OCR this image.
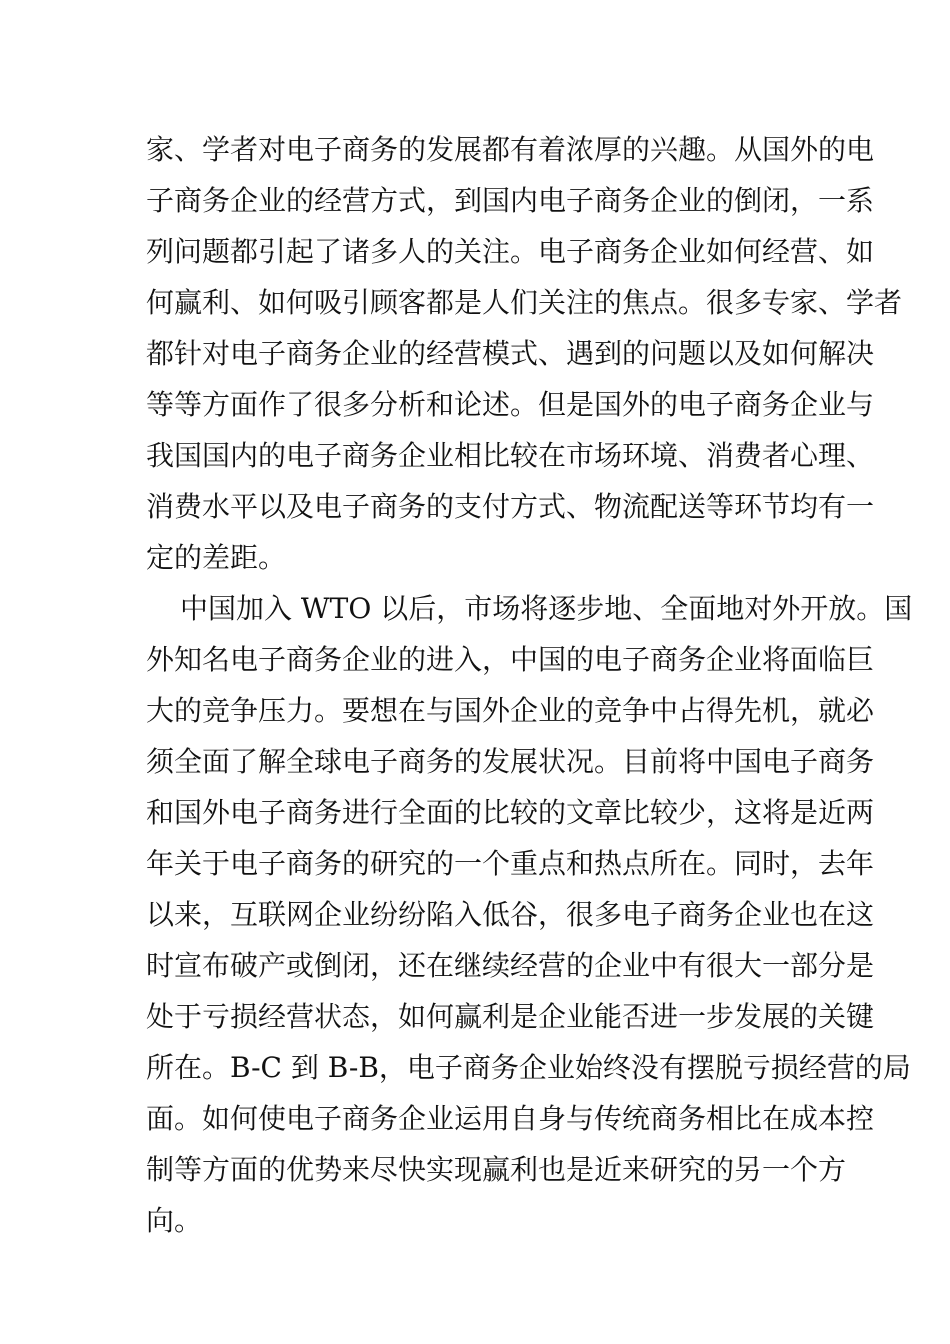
家、学者对电子商务的发展都有着浓厚的兴趣。从国外的电
子商务企业的经营方式，到国内电子商务企业的倒闭，一系
列问题都引起了诸多人的关注。电子商务企业如何经营、如
何赢利、如何吸引顾客都是人们关注的焦点。很多专家、学者
都针对电子商务企业的经营模式、遇到的问题以及如何解决
等等方面作了很多分析和论述。但是国外的电子商务企业与
我国国内的电子商务企业相比较在市场环境、消费者心理、
消费水平以及电子商务的支付方式、物流配送等环节均有一
定的差距。
中国加入 WTO 以后，市场将逐步地、全面地对外开放。国
外知名电子商务企业的进入，中国的电子商务企业将面临巨
大的竞争压力。要想在与国外企业的竞争中占得先机，就必
须全面了解全球电子商务的发展状况。目前将中国电子商务
和国外电子商务进行全面的比较的文章比较少，这将是近两
年关于电子商务的研究的一个重点和热点所在。同时，去年
以来，互联网企业纷纷陷入低谷，很多电子商务企业也在这
时宣布破产或倒闭，还在继续经营的企业中有很大一部分是
处于亏损经营状态，如何赢利是企业能否进一步发展的关键
所在。B-C 到 B-B，电子商务企业始终没有摆脱亏损经营的局
面。如何使电子商务企业运用自身与传统商务相比在成本控
制等方面的优势来尽快实现赢利也是近来研究的另一个方
向。
